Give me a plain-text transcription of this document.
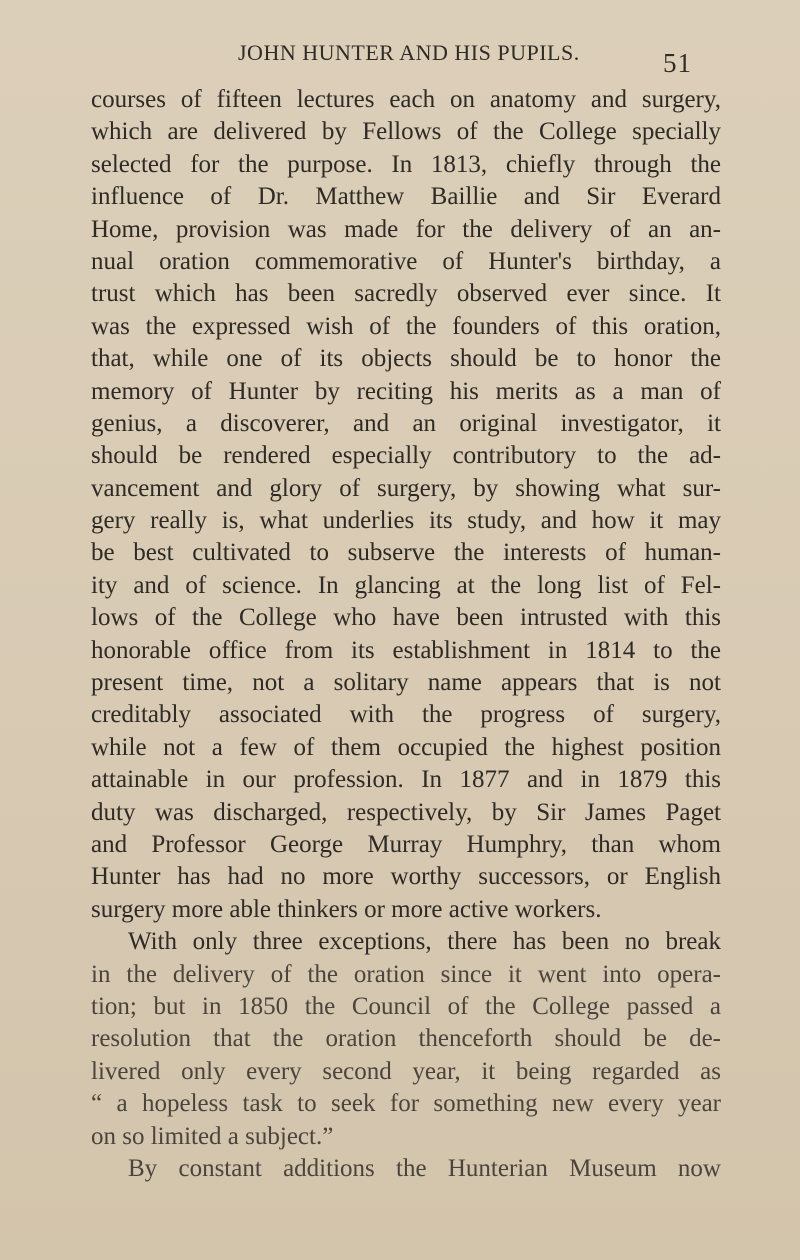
JOHN HUNTER AND HIS PUPILS.	51
courses of fifteen lectures each on anatomy and surgery,
which are delivered by Fellows of the College specially
selected for the purpose. In 1813, chiefly through the
influence of Dr. Matthew Baillie and Sir Everard
Home, provision was made for the delivery of an an-
nual oration commemorative of Hunter's birthday, a
trust which has been sacredly observed ever since. It
was the expressed wish of the founders of this oration,
that, while one of its objects should be to honor the
memory of Hunter by reciting his merits as a man of
genius, a discoverer, and an original investigator, it
should be rendered especially contributory to the ad-
vancement and glory of surgery, by showing what sur-
gery really is, what underlies its study, and how it may
be best cultivated to subserve the interests of human-
ity and of science. In glancing at the long list of Fel-
lows of the College who have been intrusted with this
honorable office from its establishment in 1814 to the
present time, not a solitary name appears that is not
creditably associated with the progress of surgery,
while not a few of them occupied the highest position
attainable in our profession. In 1877 and in 1879 this
duty was discharged, respectively, by Sir James Paget
and Professor George Murray Humphry, than whom
Hunter has had no more worthy successors, or English
surgery more able thinkers or more active workers.
With only three exceptions, there has been no break
in the delivery of the oration since it went into opera-
tion; but in 1850 the Council of the College passed a
resolution that the oration thenceforth should be de-
livered only every second year, it being regarded as
“ a hopeless task to seek for something new every year
on so limited a subject.”
By constant additions the Hunterian Museum now
